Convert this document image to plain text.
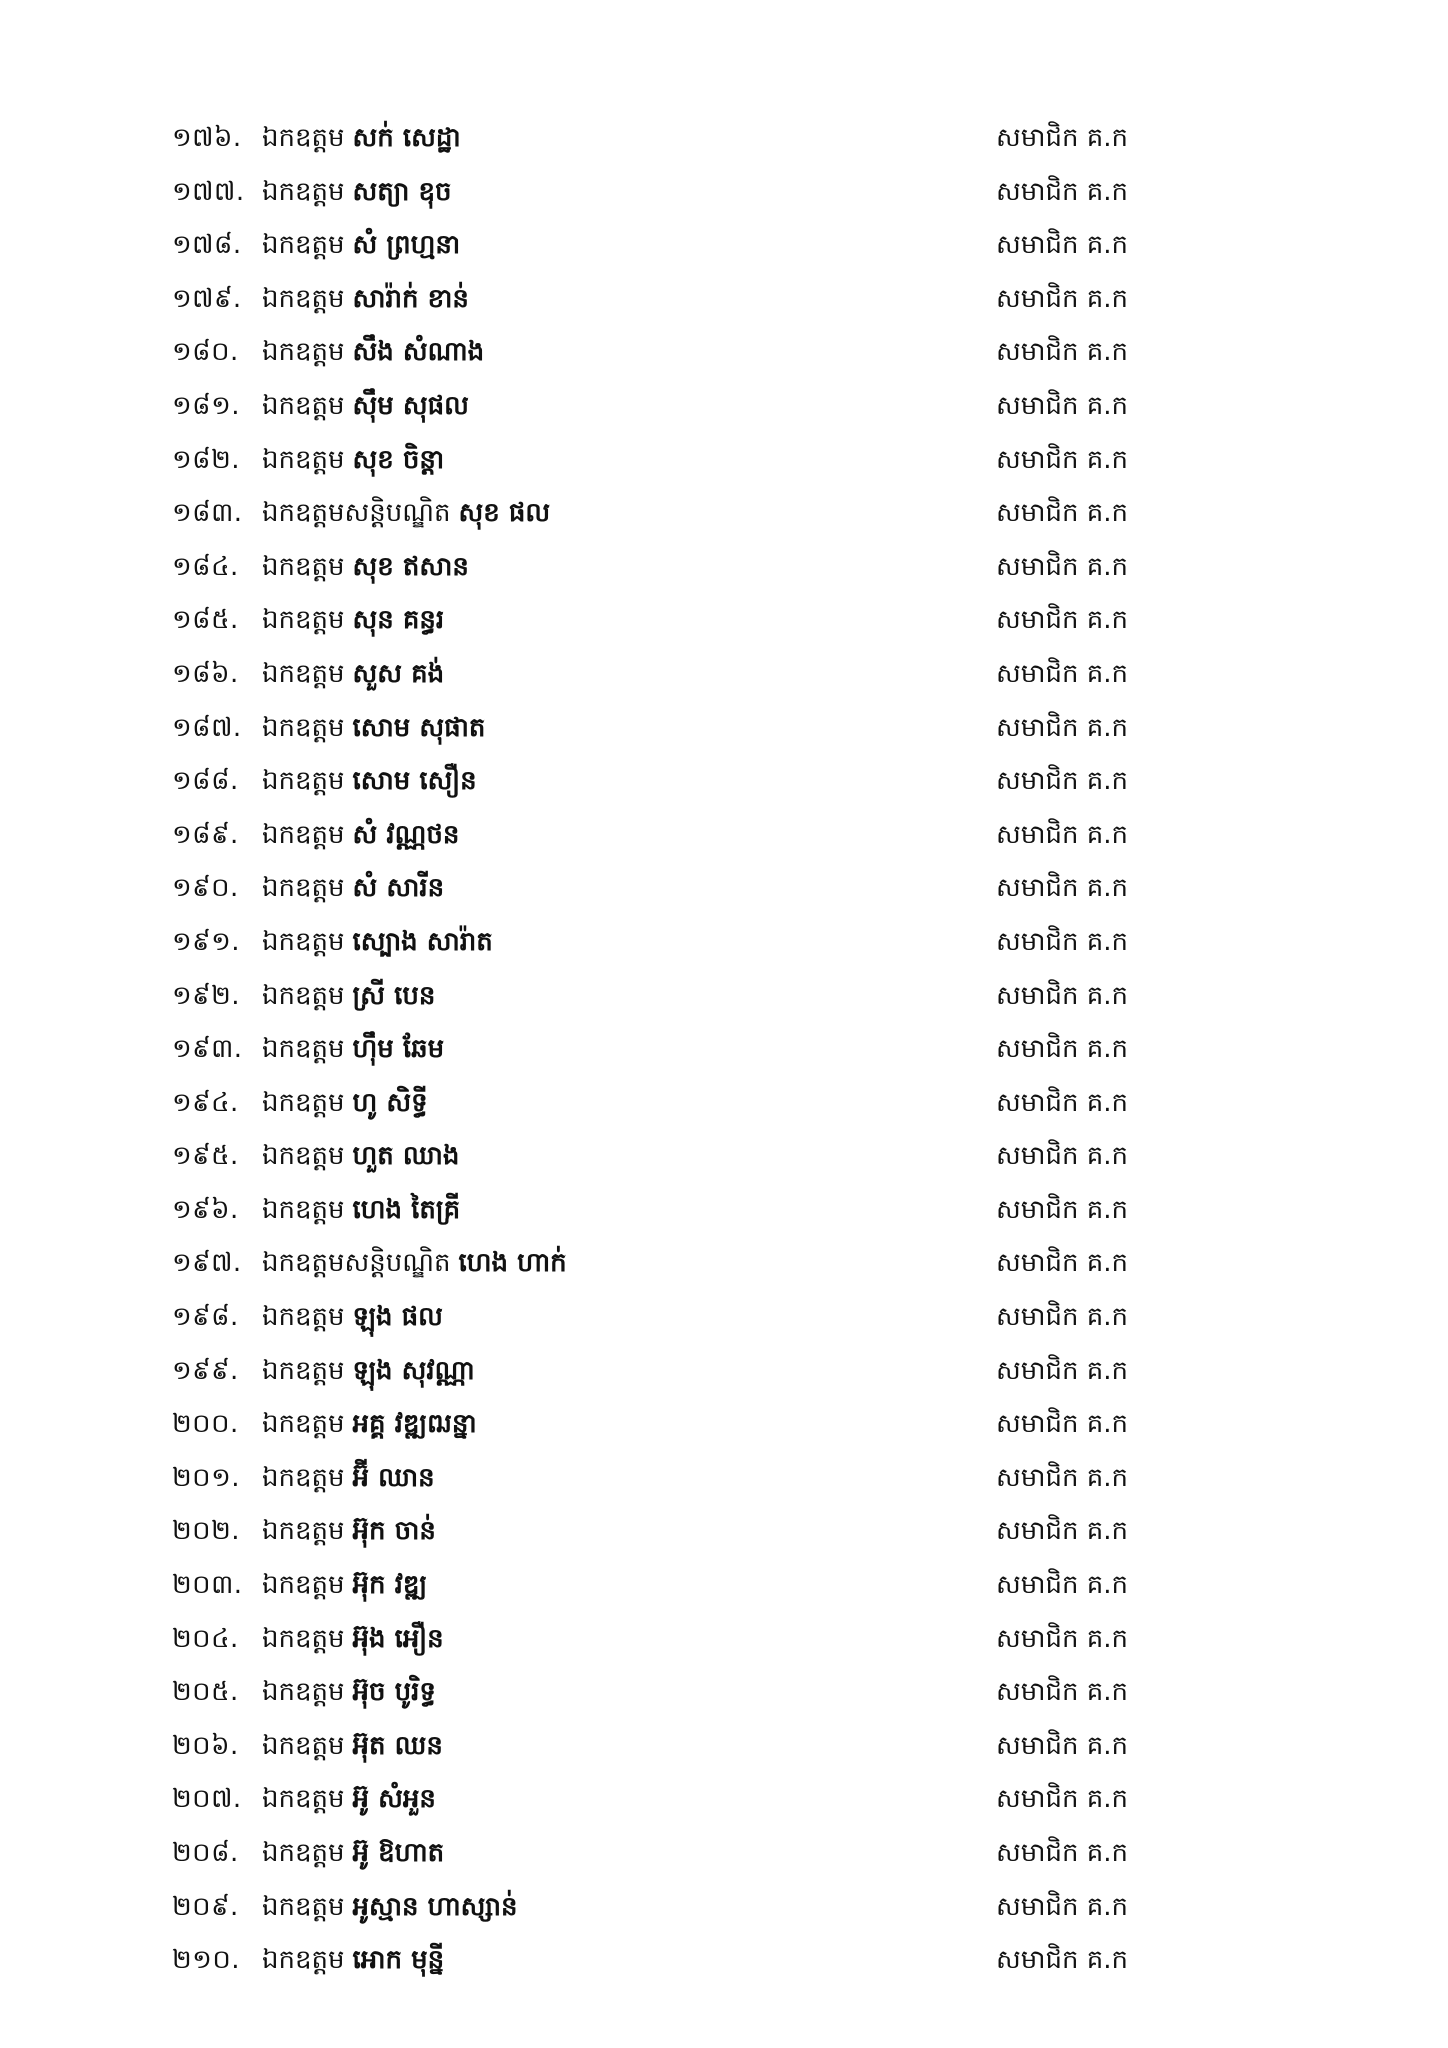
១៧៦. ឯកឧត្តម សក់ សេដ្ឋា	សមាជិក គ.ក
១៧៧. ឯកឧត្តម សត្យា ឧុច	សមាជិក គ.ក
១៧៨. ឯកឧត្តម សំ ព្រហ្មនា	សមាជិក គ.ក
១៧៩. ឯកឧត្តម សារ៉ាក់ ខាន់	សមាជិក គ.ក
១៨០. ឯកឧត្តម សឹង សំណាង	សមាជិក គ.ក
១៨១. ឯកឧត្តម ស៊ឹម សុផល	សមាជិក គ.ក
១៨២. ឯកឧត្តម សុខ ចិន្តា	សមាជិក គ.ក
១៨៣. ឯកឧត្តមសន្តិបណ្ឌិត សុខ ផល	សមាជិក គ.ក
១៨៤. ឯកឧត្តម សុខ ឥសាន	សមាជិក គ.ក
១៨៥. ឯកឧត្តម សុន គន្ធរ	សមាជិក គ.ក
១៨៦. ឯកឧត្តម សួស គង់	សមាជិក គ.ក
១៨៧. ឯកឧត្តម សោម សុផាត	សមាជិក គ.ក
១៨៨. ឯកឧត្តម សោម សឿន	សមាជិក គ.ក
១៨៩. ឯកឧត្តម សំ វណ្ណថន	សមាជិក គ.ក
១៩០. ឯកឧត្តម សំ សារីន	សមាជិក គ.ក
១៩១. ឯកឧត្តម ស្បោង សារ៉ាត	សមាជិក គ.ក
១៩២. ឯកឧត្តម ស្រី បេន	សមាជិក គ.ក
១៩៣. ឯកឧត្តម ហ៊ឹម ឆែម	សមាជិក គ.ក
១៩៤. ឯកឧត្តម ហូ សិទ្ធី	សមាជិក គ.ក
១៩៥. ឯកឧត្តម ហួត ឈាង	សមាជិក គ.ក
១៩៦. ឯកឧត្តម ហេង តៃគ្រី	សមាជិក គ.ក
១៩៧. ឯកឧត្តមសន្តិបណ្ឌិត ហេង ហាក់	សមាជិក គ.ក
១៩៨. ឯកឧត្តម ឡុង ផល	សមាជិក គ.ក
១៩៩. ឯកឧត្តម ឡុង សុវណ្ណា	សមាជិក គ.ក
២០០. ឯកឧត្តម អគ្គ វឌ្ឍឍន្នា	សមាជិក គ.ក
២០១. ឯកឧត្តម អ៊ី ឈាន	សមាជិក គ.ក
២០២. ឯកឧត្តម អ៊ុក ចាន់	សមាជិក គ.ក
២០៣. ឯកឧត្តម អ៊ុក វឌ្ឍ	សមាជិក គ.ក
២០៤. ឯកឧត្តម អ៊ុង អឿន	សមាជិក គ.ក
២០៥. ឯកឧត្តម អ៊ុច បូរិទ្ធ	សមាជិក គ.ក
២០៦. ឯកឧត្តម អ៊ុត ឈន	សមាជិក គ.ក
២០៧. ឯកឧត្តម អ៊ូ សំអួន	សមាជិក គ.ក
២០៨. ឯកឧត្តម អ៊ូ ឱហាត	សមាជិក គ.ក
២០៩. ឯកឧត្តម អូស្មាន ហាស្សាន់	សមាជិក គ.ក
២១០. ឯកឧត្តម អោក មុន្នី	សមាជិក គ.ក
